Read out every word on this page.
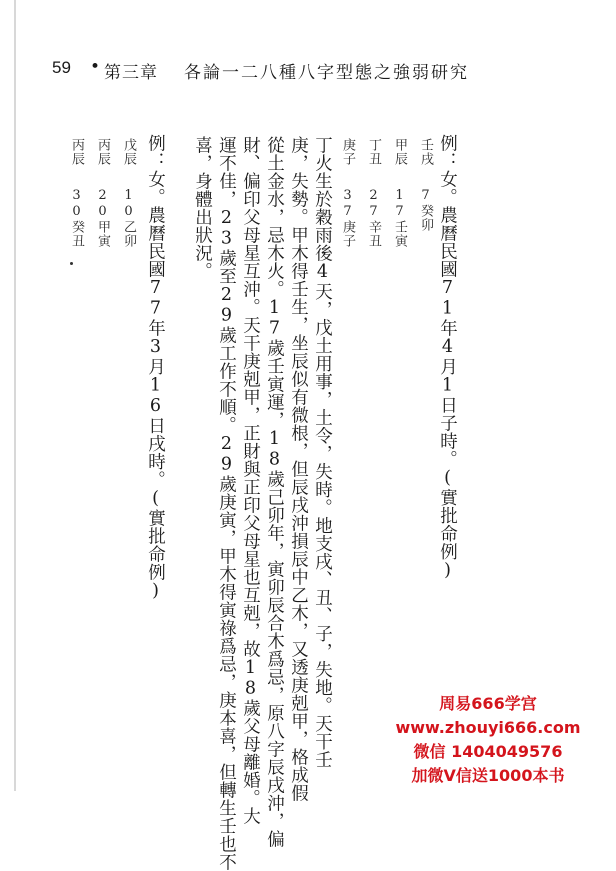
59 • 第三章 各論一二八種八字型態之強弱研究
例：女。農曆民國71年4月1日子時。(實批命例)
壬戌
7癸卯
甲辰
17壬寅
丁丑
27辛丑
庚子
37庚子
丁火生於穀雨後4天，戊土用事，土令，失時。地支戌、丑、子，失地。天干壬
庚，失勢。甲木得壬生，坐辰似有微根，但辰戌沖損辰中乙木，又透庚剋甲，格成假
從土金水，忌木火。17歲壬寅運，18歲己卯年，寅卯辰合木爲忌，原八字辰戌沖，偏
財、偏印父母星互沖。天干庚剋甲，正財與正印父母星也互剋，故18歲父母離婚。大
運不佳，23歲至29歲工作不順。29歲庚寅，甲木得寅祿爲忌，庚本喜，但轉生壬也不
喜，身體出狀況。
例：女。農曆民國77年3月16日戌時。(實批命例)
戊辰
10乙卯
丙辰
20甲寅
丙辰
30癸丑
周易666学宫
www.zhouyi666.com
微信 1404049576
加微V信送1000本书
